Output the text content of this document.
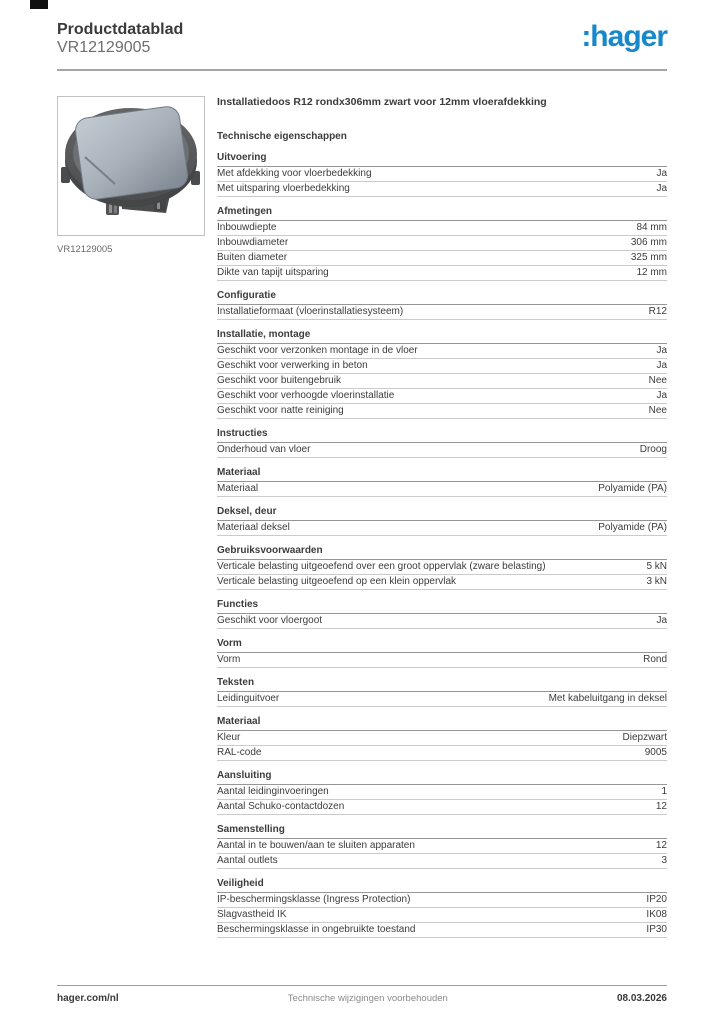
Productdatablad
VR12129005	:hager
VR12129005
Installatiedoos R12 rondx306mm zwart voor 12mm vloerafdekking
Technische eigenschappen
Uitvoering
Met afdekking voor vloerbedekking	Ja
Met uitsparing vloerbedekking	Ja
Afmetingen
Inbouwdiepte	84 mm
Inbouwdiameter	306 mm
Buiten diameter	325 mm
Dikte van tapijt uitsparing	12 mm
Configuratie
Installatieformaat (vloerinstallatiesysteem)	R12
Installatie, montage
Geschikt voor verzonken montage in de vloer	Ja
Geschikt voor verwerking in beton	Ja
Geschikt voor buitengebruik	Nee
Geschikt voor verhoogde vloerinstallatie	Ja
Geschikt voor natte reiniging	Nee
Instructies
Onderhoud van vloer	Droog
Materiaal
Materiaal	Polyamide (PA)
Deksel, deur
Materiaal deksel	Polyamide (PA)
Gebruiksvoorwaarden
Verticale belasting uitgeoefend over een groot oppervlak (zware belasting)	5 kN
Verticale belasting uitgeoefend op een klein oppervlak	3 kN
Functies
Geschikt voor vloergoot	Ja
Vorm
Vorm	Rond
Teksten
Leidinguitvoer	Met kabeluitgang in deksel
Materiaal
Kleur	Diepzwart
RAL-code	9005
Aansluiting
Aantal leidinginvoeringen	1
Aantal Schuko-contactdozen	12
Samenstelling
Aantal in te bouwen/aan te sluiten apparaten	12
Aantal outlets	3
Veiligheid
IP-beschermingsklasse (Ingress Protection)	IP20
Slagvastheid IK	IK08
Beschermingsklasse in ongebruikte toestand	IP30
hager.com/nl	Technische wijzigingen voorbehouden	08.03.2026
